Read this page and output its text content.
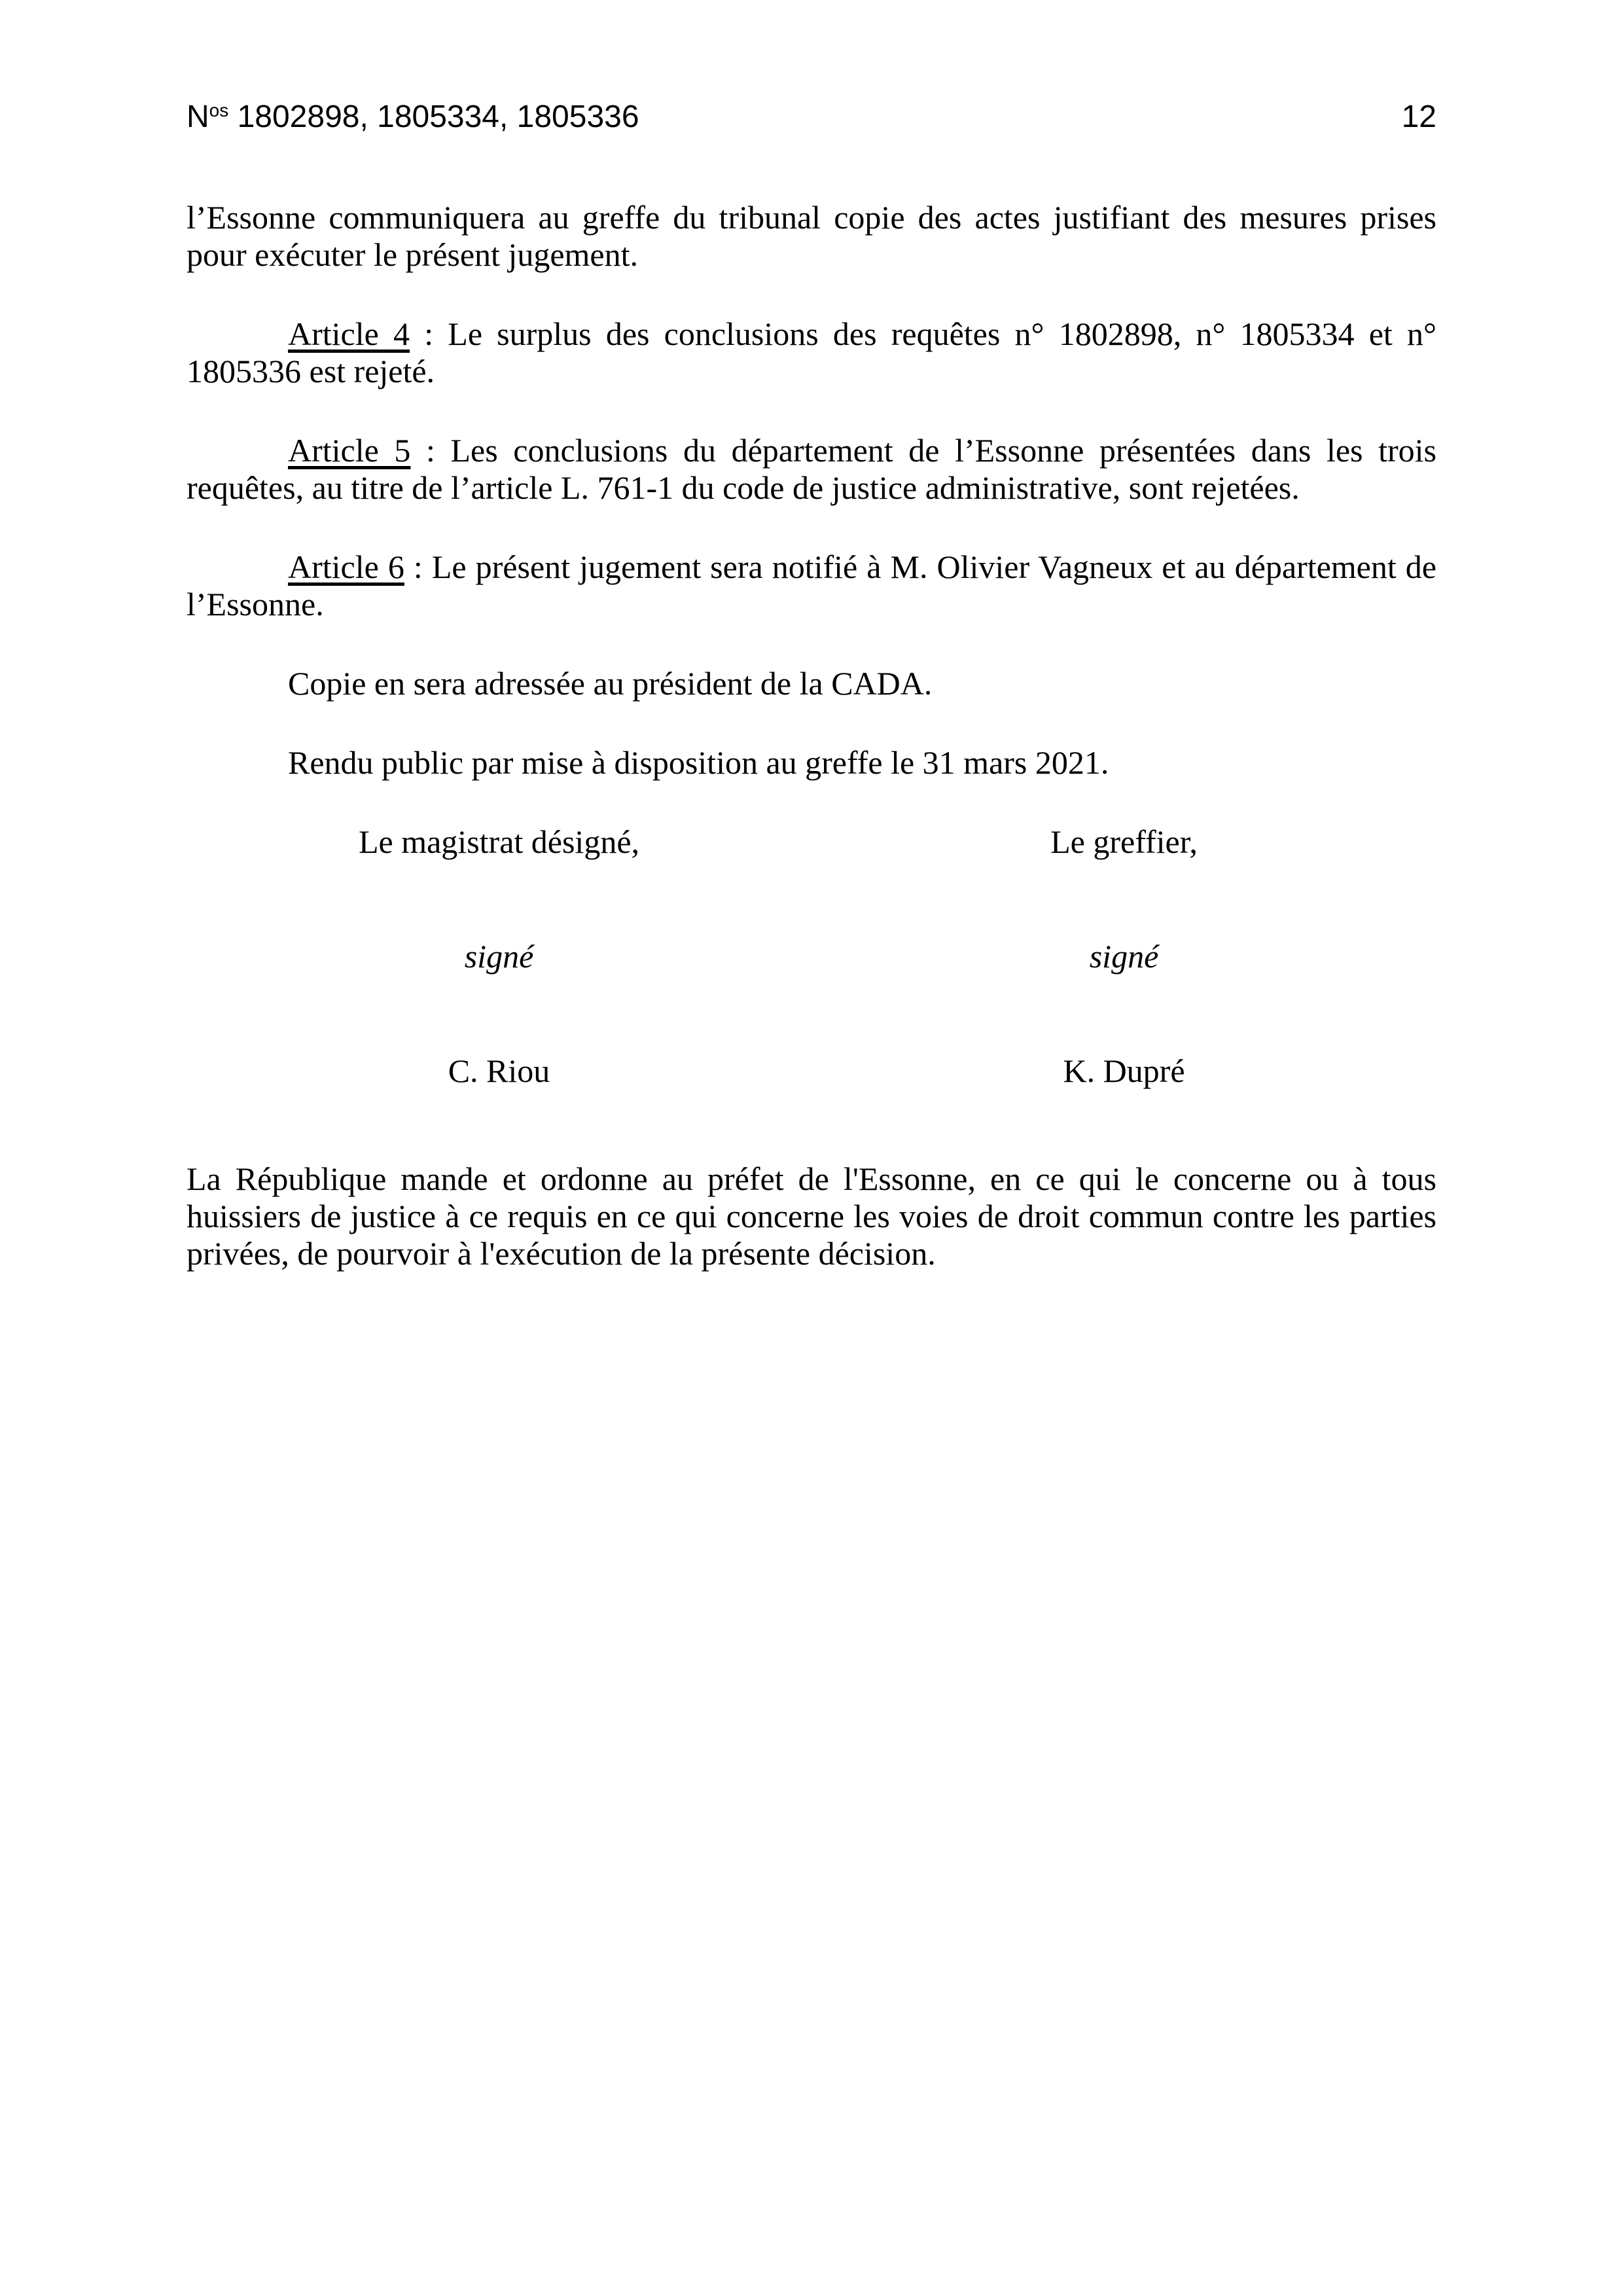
$N^{os}$ 1802898, 1805334, 1805336	12

l’Essonne communiquera au greffe du tribunal copie des actes justifiant des mesures prises pour exécuter le présent jugement.

Article 4 : Le surplus des conclusions des requêtes n° 1802898, n° 1805334 et n° 1805336 est rejeté.

Article 5 : Les conclusions du département de l’Essonne présentées dans les trois requêtes, au titre de l’article L. 761-1 du code de justice administrative, sont rejetées.

Article 6 : Le présent jugement sera notifié à M. Olivier Vagneux et au département de l’Essonne.

Copie en sera adressée au président de la CADA.

Rendu public par mise à disposition au greffe le 31 mars 2021.

Le magistrat désigné,	Le greffier,
signé	signé
C. Riou	K. Dupré

La République mande et ordonne au préfet de l'Essonne, en ce qui le concerne ou à tous huissiers de justice à ce requis en ce qui concerne les voies de droit commun contre les parties privées, de pourvoir à l'exécution de la présente décision.
